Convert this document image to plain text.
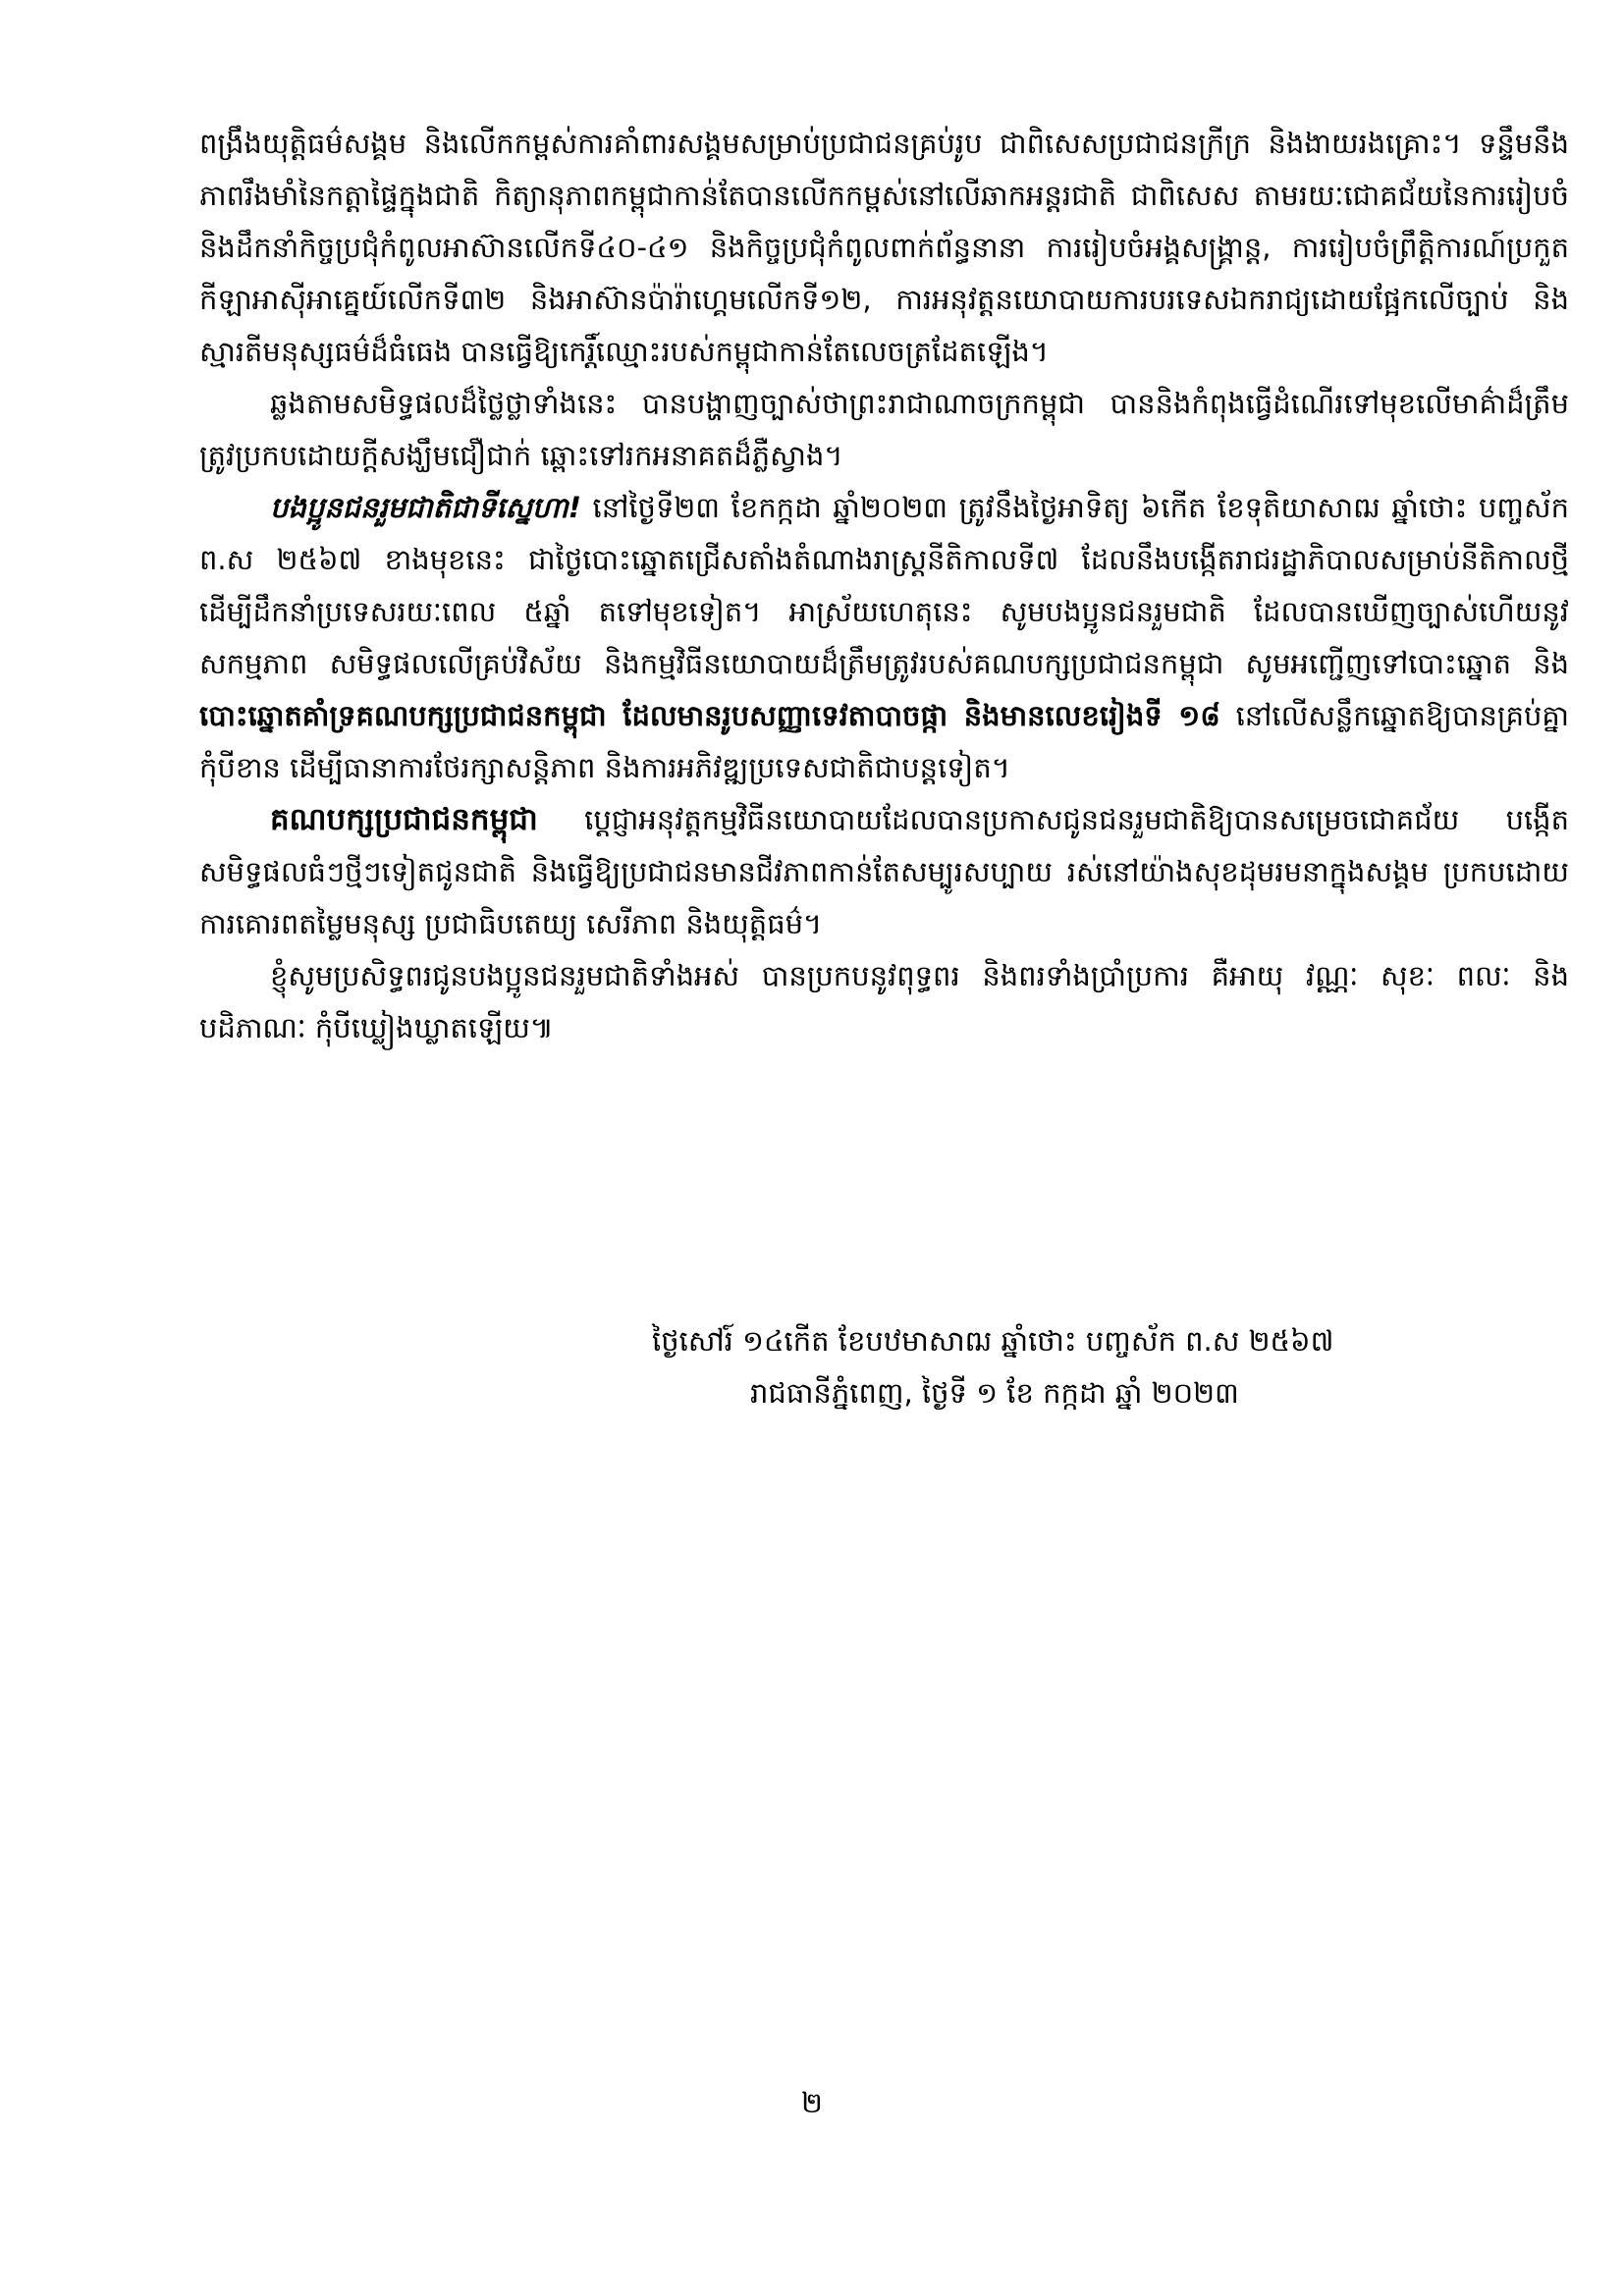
ពង្រឹងយុត្តិធម៌សង្គម និងលើកកម្ពស់ការគាំពារសង្គមសម្រាប់ប្រជាជនគ្រប់រូប ជាពិសេសប្រជាជនក្រីក្រ និងងាយរងគ្រោះ។ ទន្ទឹមនឹងភាពរឹងមាំនៃកត្តាផ្ទៃក្នុងជាតិ កិត្យានុភាពកម្ពុជាកាន់តែបានលើកកម្ពស់នៅលើឆាកអន្តរជាតិ ជាពិសេស តាមរយៈជោគជ័យនៃការរៀបចំ និងដឹកនាំកិច្ចប្រជុំកំពូលអាស៊ានលើកទី៤០-៤១ និងកិច្ចប្រជុំកំពូលពាក់ព័ន្ធនានា ការរៀបចំអង្គសង្គ្រាន្ត, ការរៀបចំព្រឹត្តិការណ៍ប្រកួតកីឡាអាស៊ីអាគ្នេយ៍លើកទី៣២ និងអាស៊ានប៉ារ៉ាហ្គេមលើកទី១២, ការអនុវត្តនយោបាយការបរទេសឯករាជ្យដោយផ្អែកលើច្បាប់ និងស្មារតីមនុស្សធម៌ដ៏ធំធេង បានធ្វើឱ្យកេរ្តិ៍ឈ្មោះរបស់កម្ពុជាកាន់តែលេចត្រដែតឡើង។

ឆ្លងតាមសមិទ្ធផលដ៏ថ្លៃថ្លាទាំងនេះ បានបង្ហាញច្បាស់ថាព្រះរាជាណាចក្រកម្ពុជា បាននិងកំពុងធ្វើដំណើរទៅមុខលើមាគ៌ាដ៏ត្រឹមត្រូវប្រកបដោយក្តីសង្ឃឹមជឿជាក់ ឆ្ពោះទៅរកអនាគតដ៏ភ្លឺស្វាង។

បងប្អូនជនរួមជាតិជាទីស្នេហា! នៅថ្ងៃទី២៣ ខែកក្កដា ឆ្នាំ២០២៣ ត្រូវនឹងថ្ងៃអាទិត្យ ៦កើត ខែទុតិយាសាឍ ឆ្នាំថោះ បញ្ចស័ក ព.ស ២៥៦៧ ខាងមុខនេះ ជាថ្ងៃបោះឆ្នោតជ្រើសតាំងតំណាងរាស្ត្រនីតិកាលទី៧ ដែលនឹងបង្កើតរាជរដ្ឋាភិបាលសម្រាប់នីតិកាលថ្មី ដើម្បីដឹកនាំប្រទេសរយៈពេល ៥ឆ្នាំ តទៅមុខទៀត។ អាស្រ័យហេតុនេះ សូមបងប្អូនជនរួមជាតិ ដែលបានឃើញច្បាស់ហើយនូវសកម្មភាព សមិទ្ធផលលើគ្រប់វិស័យ និងកម្មវិធីនយោបាយដ៏ត្រឹមត្រូវរបស់គណបក្សប្រជាជនកម្ពុជា សូមអញ្ជើញទៅបោះឆ្នោត និងបោះឆ្នោតគាំទ្រគណបក្សប្រជាជនកម្ពុជា ដែលមានរូបសញ្ញាទេវតាបាចផ្កា និងមានលេខរៀងទី ១៨ នៅលើសន្លឹកឆ្នោតឱ្យបានគ្រប់គ្នាកុំបីខាន ដើម្បីធានាការថែរក្សាសន្តិភាព និងការអភិវឌ្ឍប្រទេសជាតិជាបន្តទៀត។

គណបក្សប្រជាជនកម្ពុជា ប្តេជ្ញាអនុវត្តកម្មវិធីនយោបាយដែលបានប្រកាសជូនជនរួមជាតិឱ្យបានសម្រេចជោគជ័យ បង្កើតសមិទ្ធផលធំៗថ្មីៗទៀតជូនជាតិ និងធ្វើឱ្យប្រជាជនមានជីវភាពកាន់តែសម្បូរសប្បាយ រស់នៅយ៉ាងសុខដុមរមនាក្នុងសង្គម ប្រកបដោយការគោរពតម្លៃមនុស្ស ប្រជាធិបតេយ្យ សេរីភាព និងយុត្តិធម៌។

ខ្ញុំសូមប្រសិទ្ធពរជូនបងប្អូនជនរួមជាតិទាំងអស់ បានប្រកបនូវពុទ្ធពរ និងពរទាំងប្រាំប្រការ គឺអាយុ វណ្ណៈ សុខៈ ពលៈ និងបដិភាណៈ កុំបីឃ្លៀងឃ្លាតឡើយ៕

ថ្ងៃសៅរ៍ ១៤កើត ខែបឋមាសាឍ ឆ្នាំថោះ បញ្ចស័ក ព.ស ២៥៦៧
រាជធានីភ្នំពេញ, ថ្ងៃទី ១ ខែ កក្កដា ឆ្នាំ ២០២៣
២
